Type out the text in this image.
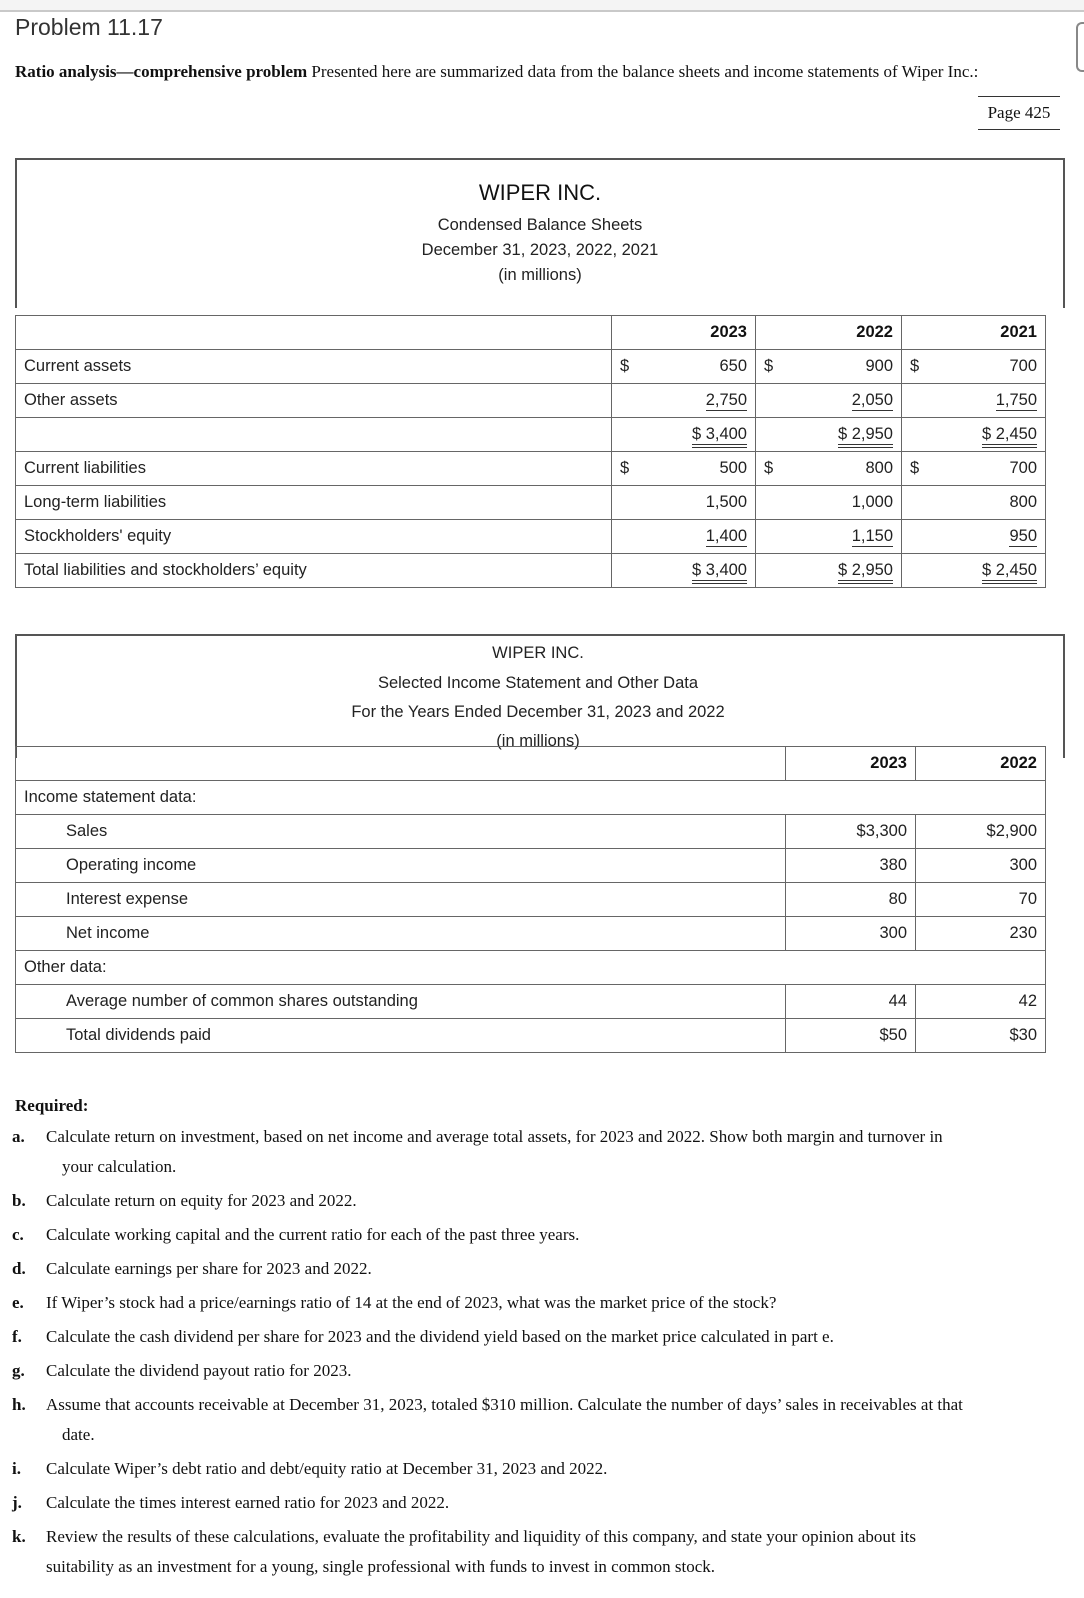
Problem 11.17
Ratio analysis—comprehensive problem Presented here are summarized data from the balance sheets and income statements of Wiper Inc.:
Page 425
WIPER INC.
Condensed Balance Sheets
December 31, 2023, 2022, 2021
(in millions)
	2023	2022	2021
Current assets	$ 650	$ 900	$ 700

Other assets	2,750	2,050	1,750
	$ 3,400	$ 2,950	$ 2,450
Current liabilities	$ 500	$ 800	$ 700

Long-term liabilities	1,500	1,000	800
Stockholders' equity	1,400	1,150	950
Total liabilities and stockholders’ equity	$ 3,400	$ 2,950	$ 2,450
WIPER INC.
Selected Income Statement and Other Data
For the Years Ended December 31, 2023 and 2022
(in millions)
	2023	2022
Income statement data:		
Sales	$3,300	$2,900
Operating income	380	300
Interest expense	80	70
Net income	300	230
Other data:		
Average number of common shares outstanding	44	42
Total dividends paid	$50	$30
Required:
a. Calculate return on investment, based on net income and average total assets, for 2023 and 2022. Show both margin and turnover in
your calculation.
b. Calculate return on equity for 2023 and 2022.
c. Calculate working capital and the current ratio for each of the past three years.
d. Calculate earnings per share for 2023 and 2022.
e. If Wiper’s stock had a price/earnings ratio of 14 at the end of 2023, what was the market price of the stock?
f. Calculate the cash dividend per share for 2023 and the dividend yield based on the market price calculated in part e.
g. Calculate the dividend payout ratio for 2023.
h. Assume that accounts receivable at December 31, 2023, totaled $310 million. Calculate the number of days’ sales in receivables at that
date.
i. Calculate Wiper’s debt ratio and debt/equity ratio at December 31, 2023 and 2022.
j. Calculate the times interest earned ratio for 2023 and 2022.
k. Review the results of these calculations, evaluate the profitability and liquidity of this company, and state your opinion about its
suitability as an investment for a young, single professional with funds to invest in common stock.
